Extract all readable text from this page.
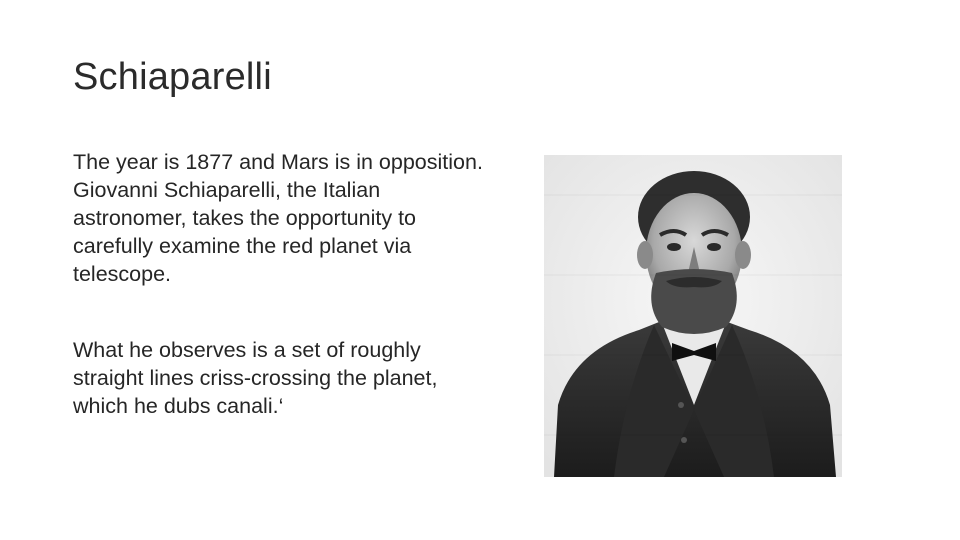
Schiaparelli

The year is 1877 and Mars is in opposition. Giovanni Schiaparelli, the Italian astronomer, takes the opportunity to carefully examine the red planet via telescope.

What he observes is a set of roughly straight lines criss-crossing the planet, which he dubs canali.‘
